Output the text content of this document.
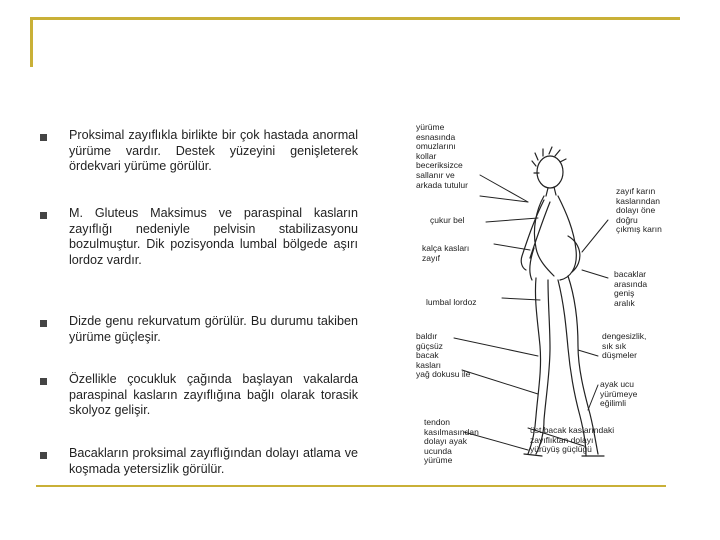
Proksimal zayıflıkla birlikte bir çok hastada anormal yürüme vardır. Destek yüzeyini genişleterek ördekvari yürüme görülür.
M. Gluteus Maksimus ve paraspinal kasların zayıflığı nedeniyle pelvisin stabilizasyonu bozulmuştur. Dik pozisyonda lumbal bölgede aşırı lordoz vardır.
Dizde genu rekurvatum görülür. Bu durumu takiben yürüme güçleşir.
Özellikle çocukluk çağında başlayan vakalarda paraspinal kasların zayıflığına bağlı olarak torasik skolyoz gelişir.
Bacakların proksimal zayıflığından dolayı atlama ve koşmada yetersizlik görülür.
yürüme
esnasında
omuzlarını
kollar
beceriksizce
sallanır ve
arkada tutulur
zayıf karın
kaslarından
dolayı öne
doğru
çıkmış karın
çukur bel
kalça kasları
zayıf
bacaklar
arasında
geniş
aralık
lumbal lordoz
baldır
güçsüz
bacak
kasları
yağ dokusu ile
dengesizlik,
sık sık
düşmeler
ayak ucu
yürümeye
eğilimli
tendon
kasılmasından
dolayı ayak
ucunda
yürüme
üst bacak kaslarındaki
zayıflıktan dolayı
yürüyüş güçlüğü
